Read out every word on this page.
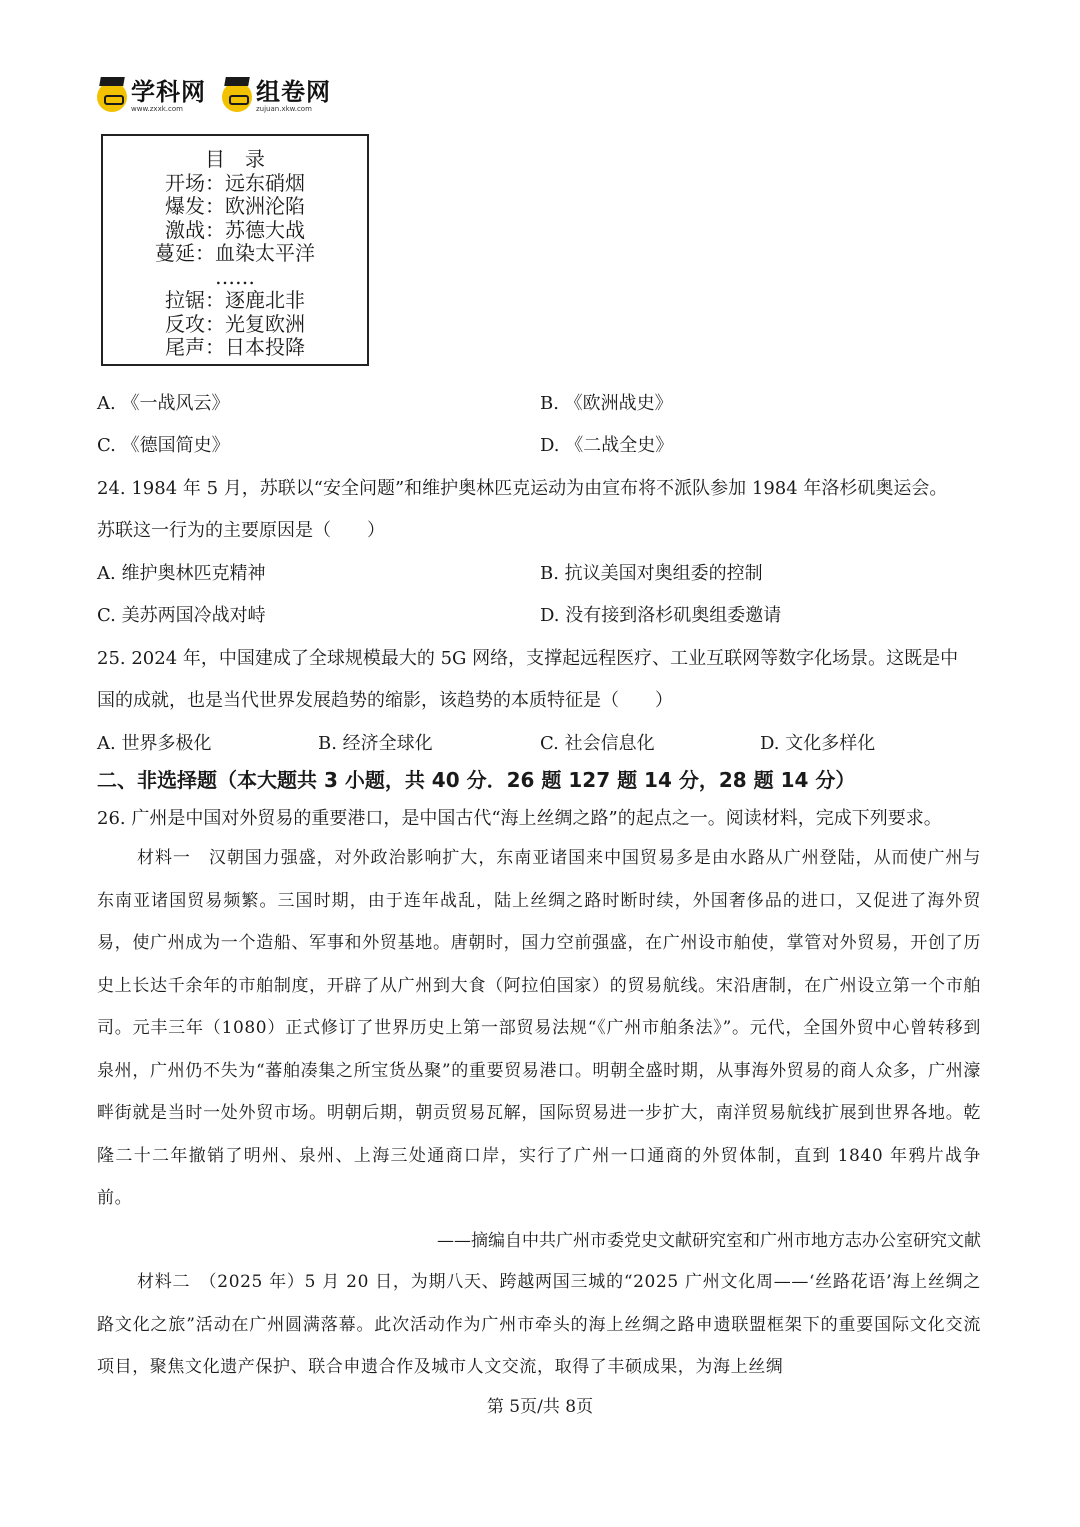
学科网
www.zxxk.com
组卷网
zujuan.xkw.com
目　录
开场：远东硝烟
爆发：欧洲沦陷
激战：苏德大战
蔓延：血染太平洋
……
拉锯：逐鹿北非
反攻：光复欧洲
尾声：日本投降
A. 《一战风云》	B. 《欧洲战史》
C. 《德国简史》	D. 《二战全史》
24. 1984 年 5 月，苏联以“安全问题”和维护奥林匹克运动为由宣布将不派队参加 1984 年洛杉矶奥运会。
苏联这一行为的主要原因是（　　）
A. 维护奥林匹克精神	B. 抗议美国对奥组委的控制
C. 美苏两国冷战对峙	D. 没有接到洛杉矶奥组委邀请
25. 2024 年，中国建成了全球规模最大的 5G 网络，支撑起远程医疗、工业互联网等数字化场景。这既是中
国的成就，也是当代世界发展趋势的缩影，该趋势的本质特征是（　　）
A. 世界多极化	B. 经济全球化	C. 社会信息化	D. 文化多样化
二、非选择题（本大题共 3 小题，共 40 分．26 题 127 题 14 分，28 题 14 分）
26. 广州是中国对外贸易的重要港口，是中国古代“海上丝绸之路”的起点之一。阅读材料，完成下列要求。
材料一　汉朝国力强盛，对外政治影响扩大，东南亚诸国来中国贸易多是由水路从广州登陆，从而使广州与东南亚诸国贸易频繁。三国时期，由于连年战乱，陆上丝绸之路时断时续，外国奢侈品的进口，又促进了海外贸易，使广州成为一个造船、军事和外贸基地。唐朝时，国力空前强盛，在广州设市舶使，掌管对外贸易，开创了历史上长达千余年的市舶制度，开辟了从广州到大食（阿拉伯国家）的贸易航线。宋沿唐制，在广州设立第一个市舶司。元丰三年（1080）正式修订了世界历史上第一部贸易法规“《广州市舶条法》”。元代，全国外贸中心曾转移到泉州，广州仍不失为“蕃舶凑集之所宝货丛聚”的重要贸易港口。明朝全盛时期，从事海外贸易的商人众多，广州濠畔街就是当时一处外贸市场。明朝后期，朝贡贸易瓦解，国际贸易进一步扩大，南洋贸易航线扩展到世界各地。乾隆二十二年撤销了明州、泉州、上海三处通商口岸，实行了广州一口通商的外贸体制，直到 1840 年鸦片战争前。
——摘编自中共广州市委党史文献研究室和广州市地方志办公室研究文献
材料二　（2025 年）5 月 20 日，为期八天、跨越两国三城的“2025 广州文化周——‘丝路花语’海上丝绸之路文化之旅”活动在广州圆满落幕。此次活动作为广州市牵头的海上丝绸之路申遗联盟框架下的重要国际文化交流项目，聚焦文化遗产保护、联合申遗合作及城市人文交流，取得了丰硕成果，为海上丝绸
第 5页/共 8页
